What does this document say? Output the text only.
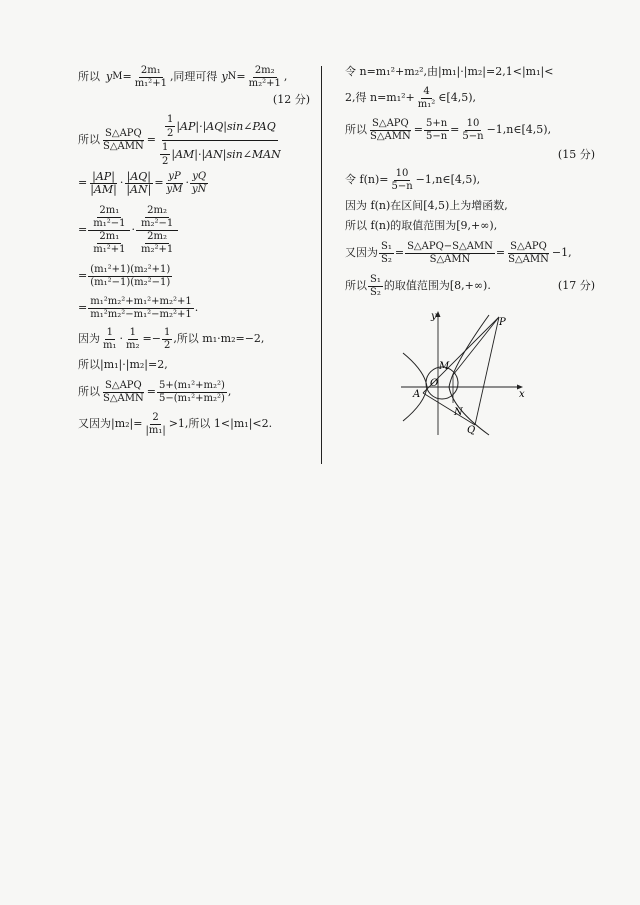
所以 y $M = \frac{\text{2m₁}}{\text{m₁²+1}}$ ,同理可得 y $N = \frac{\text{2m₂}}{\text{m₂²+1}}$ ,
(12 分)
所以 $\frac{\text{S△APQ}}{\text{S△AMN}} = \frac{\frac{1}{2} |AP|\cdot|AQ|\sin\angle PAQ}{\frac{1}{2} |AM|\cdot|AN|\sin\angle MAN}$
= $\frac{|AP|}{|AM|} \cdot \frac{|AQ|}{|AN|} = \frac{yP}{yM} \cdot \frac{yQ}{yN}$
= $\frac{\frac{\text{2m₁}}{\text{m₁²−1}}}{\frac{\text{2m₁}}{\text{m₁²+1}}} \cdot \frac{\frac{\text{2m₂}}{\text{m₂²−1}}}{\frac{\text{2m₂}}{\text{m₂²+1}}}$
= $\frac{\text{(m₁²+1)(m₂²+1)}}{\text{(m₁²−1)(m₂²−1)}}$
= $\frac{\text{m₁²m₂²+m₁²+m₂²+1}}{\text{m₁²m₂²−m₁²−m₂²+1}}$ .
因为 $\frac{1}{\text{m₁}} \cdot \frac{1}{\text{m₂}} =- \frac{1}{2}$ ,所以 m₁·m₂=−2,
所以|m₁|·|m₂|=2,
所以 $\frac{\text{S△APQ}}{\text{S△AMN}} = \frac{\text{5+(m₁²+m₂²)}}{\text{5−(m₁²+m₂²)}}$ ,
又因为$|m_2|= \frac{2}{\text{|m₁|}} >1$,所以 1<|m₁|<2.
令 n=m₁²+m₂²,由|m₁|·|m₂|=2,1<|m₁|<
2,得 $n=m_1^2+ \frac{4}{\text{m₁²}}$ ∈[4,5),
所以 $\frac{\text{S△APQ}}{\text{S△AMN}} = \frac{5+n}{5-n} = \frac{10}{5-n}$ −1,n∈[4,5),
(15 分)
令 $f(n)= \frac{10}{5-n}$ −1,n∈[4,5),
因为 f(n)在区间[4,5)上为增函数,
所以 f(n)的取值范围为[9,+∞),
又因为 $\frac{\text{S₁}}{\text{S₂}} = \frac{\text{S△APQ−S△AMN}}{\text{S△AMN}} = \frac{\text{S△APQ}}{\text{S△AMN}} -1$,
所以 $\frac{\text{S₁}}{\text{S₂}}$ 的取值范围为[8,+∞).	(17 分)
y
x
P
M
O
A
N
Q
